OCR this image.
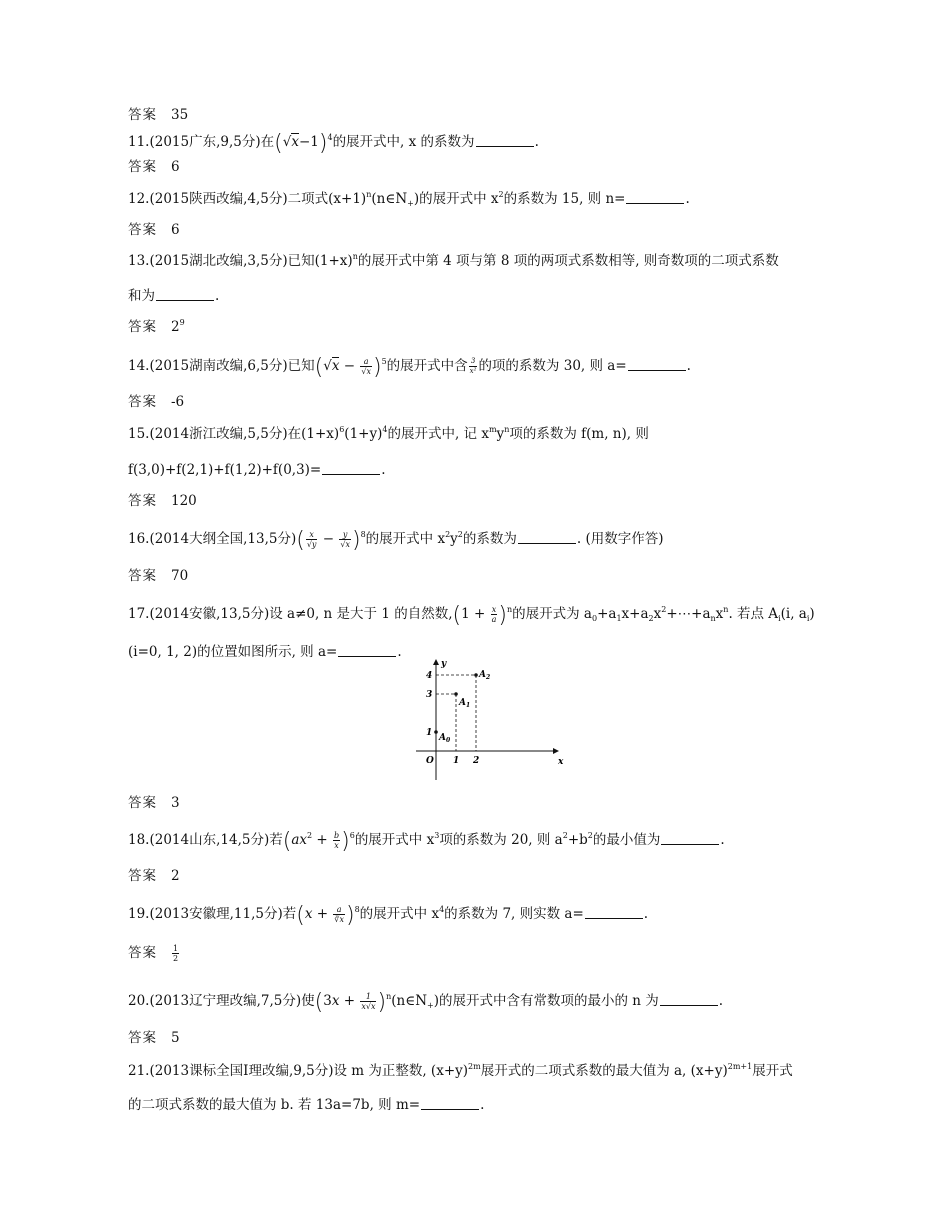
答案 35
11.(2015广东,9,5分)在$(√x-1)^4$的展开式中, x 的系数为	.
答案 6
12.(2015陕西改编,4,5分)二项式$(x+1)^n(n\in N_+)$的展开式中 $x^2$的系数为 15, 则 n=	.
答案 6
13.(2015湖北改编,3,5分)已知$(1+x)^n$的展开式中第 4 项与第 8 项的两项式系数相等, 则奇数项的二项式系数
和为	.
答案 $2^9$
14.(2015湖南改编,6,5分)已知$(√x - \frac{a}{√x} )^5$的展开式中含 $\frac{3}{\text{x²}}$ 的项的系数为 30, 则 a=	.
答案 -6
15.(2014浙江改编,5,5分)在$(1+x)^6(1+y)^4$的展开式中, 记 $x^my^n$项的系数为 f(m, n), 则
f(3,0)+f(2,1)+f(1,2)+f(0,3)=	.
答案 120
16.(2014大纲全国,13,5分)( $\frac{x}{√y} - \frac{y}{√x} )^8$的展开式中 $x^2y^2$的系数为	. (用数字作答)
答案 70
17.(2014安徽,13,5分)设 a≠0, n 是大于 1 的自然数$,(1 + \frac{x}{a} )^n$的展开式为 $a_0+a_1x+a_2x^2+\cdots+a_nx^n$. 若点 $A_i(i$, $a_i$)
(i=0, 1, 2)的位置如图所示, 则 a=	.
1 2
1
3
4
$A_0$
$A_1$
$A_2$
x
y
O
答案 3
18.(2014山东,14,5分)若$(ax^2 + \frac{b}{x} )^6$的展开式中 $x^3$项的系数为 20, 则 $a^2+b^2$的最小值为	.
答案 2
19.(2013安徽理,11,5分)若$(x + \frac{a}{∛x} )^8$的展开式中 $x^4$的系数为 7, 则实数 a=	.
答案 $\frac{1}{2}$
20.(2013辽宁理改编,7,5分)使($3x + \frac{1}{x√x}$ )$^n(n\in N_+)$的展开式中含有常数项的最小的 n 为	.
答案 5
21.(2013课标全国Ⅰ理改编,9,5分)设 m 为正整数, $(x+y)^{2m}$展开式的二项式系数的最大值为 a, $(x+y)^{2m+1}$展开式
的二项式系数的最大值为 b. 若 13a=7b, 则 m=	.
